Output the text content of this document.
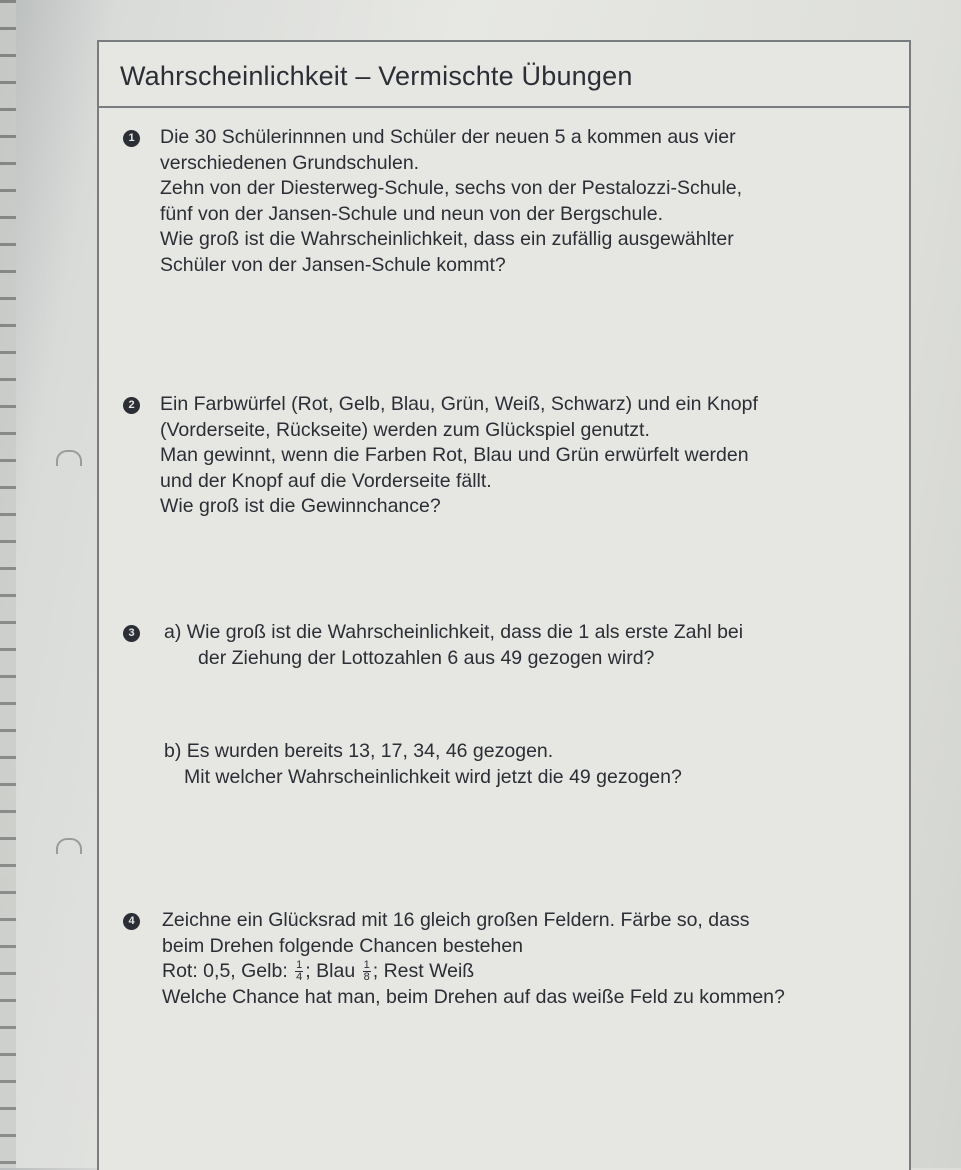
Wahrscheinlichkeit – Vermischte Übungen
1 Die 30 Schülerinnnen und Schüler der neuen 5 a kommen aus vier

verschiedenen Grundschulen.

Zehn von der Diesterweg-Schule, sechs von der Pestalozzi-Schule,

fünf von der Jansen-Schule und neun von der Bergschule.

Wie groß ist die Wahrscheinlichkeit, dass ein zufällig ausgewählter

Schüler von der Jansen-Schule kommt?

2 Ein Farbwürfel (Rot, Gelb, Blau, Grün, Weiß, Schwarz) und ein Knopf

(Vorderseite, Rückseite) werden zum Glückspiel genutzt.

Man gewinnt, wenn die Farben Rot, Blau und Grün erwürfelt werden

und der Knopf auf die Vorderseite fällt.

Wie groß ist die Gewinnchance?

3 a) Wie groß ist die Wahrscheinlichkeit, dass die 1 als erste Zahl bei

der Ziehung der Lottozahlen 6 aus 49 gezogen wird?

b) Es wurden bereits 13, 17, 34, 46 gezogen.

Mit welcher Wahrscheinlichkeit wird jetzt die 49 gezogen?

4 Zeichne ein Glücksrad mit 16 gleich großen Feldern. Färbe so, dass

beim Drehen folgende Chancen bestehen

Rot: 0,5, Gelb: $\frac{1}{4}$ ; Blau $\frac{1}{8}$ ; Rest Weiß

Welche Chance hat man, beim Drehen auf das weiße Feld zu kommen?
